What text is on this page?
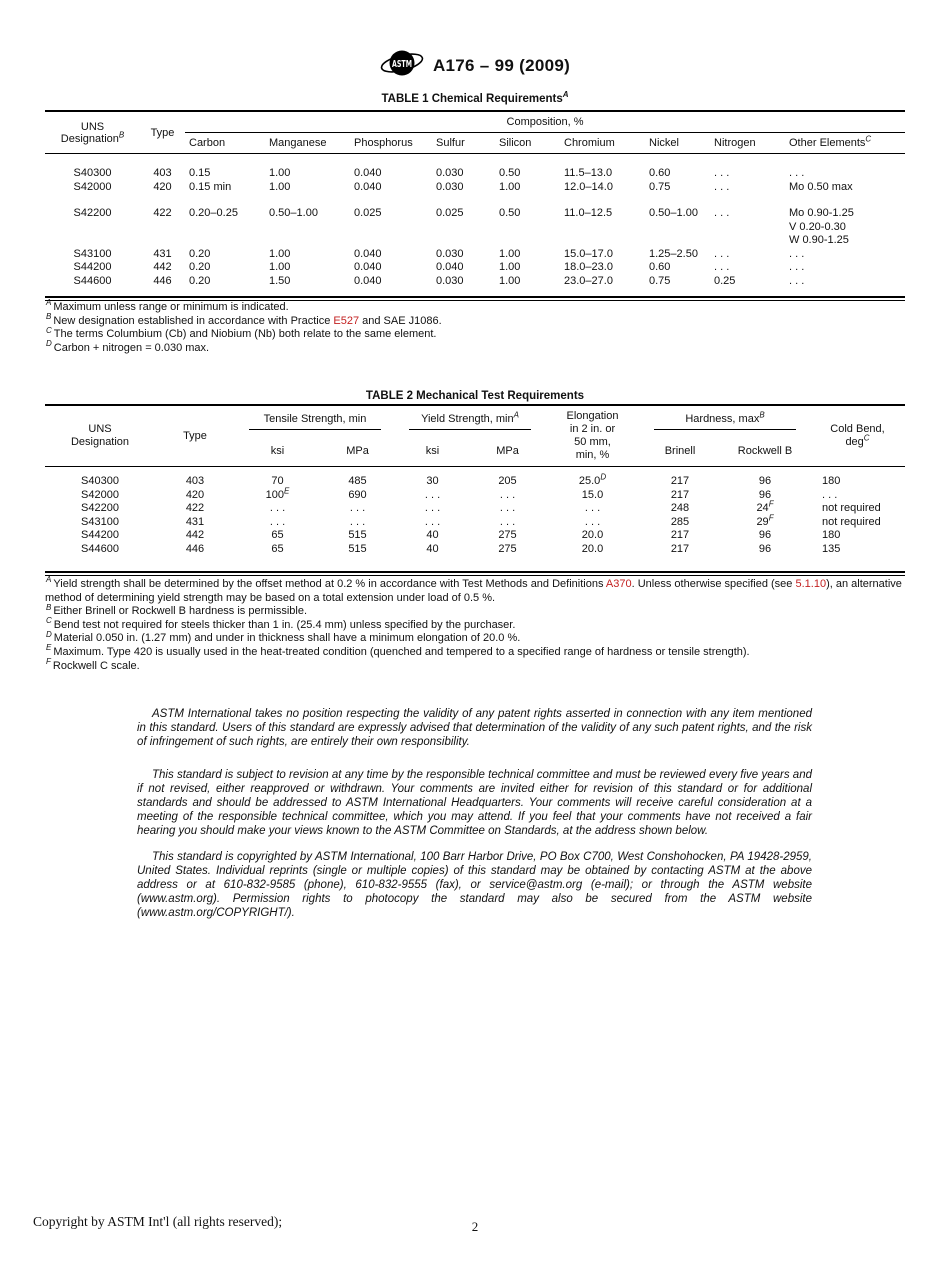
ASTM A176 – 99 (2009)
TABLE 1 Chemical Requirements$^A$
UNS
Designation$^B$	Type	Composition, %								
		Carbon	Manganese	Phosphorus	Sulfur	Silicon	Chromium	Nickel	Nitrogen	Other Elements$^C$

S40300	403	0.15	1.00	0.040	0.030	0.50	11.5–13.0	0.60	. . .	. . .

S42000	420	0.15 min	1.00	0.040	0.030	1.00	12.0–14.0	0.75	. . .	Mo 0.50 max

S42200	422	0.20–0.25	0.50–1.00	0.025	0.025	0.50	11.0–12.5	0.50–1.00	. . .	Mo 0.90-1.25
V 0.20-0.30
W 0.90-1.25

S43100	431	0.20	1.00	0.040	0.030	1.00	15.0–17.0	1.25–2.50	. . .	. . .

S44200	442	0.20	1.00	0.040	0.040	1.00	18.0–23.0	0.60	. . .	. . .

S44600	446	0.20	1.50	0.040	0.030	1.00	23.0–27.0	0.75	0.25	. . .
$^A$ Maximum unless range or minimum is indicated.
$^B$ New designation established in accordance with Practice E527 and SAE J1086.
$^C$ The terms Columbium (Cb) and Niobium (Nb) both relate to the same element.
$^D$ Carbon + nitrogen = 0.030 max.
TABLE 2 Mechanical Test Requirements
UNS
Designation	Type	
Tensile Strength, min	Yield Strength, $\min^A$	Elongation
in 2 in. or
50 mm,
min, %

Hardness, $\max^B$

Cold Bend,
deg$^C$

		ksi	MPa	ksi	MPa		Brinell	Rockwell B	

S40300	403	70	485	30	205	$25.0^D$	217	96	180
S42000	420	$100^E$	690	. . .	. . .	15.0	217	96	. . .
S42200	422	. . .	. . .	. . .	. . .	. . .	248	$24^F$	not required
S43100	431	. . .	. . .	. . .	. . .	. . .	285	$29^F$	not required
S44200	442	65	515	40	275	20.0	217	96	180
S44600	446	65	515	40	275	20.0	217	96	135
$^A$ Yield strength shall be determined by the offset method at 0.2 % in accordance with Test Methods and Definitions A370. Unless otherwise specified (see 5.1.10), an alternative method of determining yield strength may be based on a total extension under load of 0.5 %.
$^B$ Either Brinell or Rockwell B hardness is permissible.
$^C$ Bend test not required for steels thicker than 1 in. (25.4 mm) unless specified by the purchaser.
$^D$ Material 0.050 in. (1.27 mm) and under in thickness shall have a minimum elongation of 20.0 %.
$^E$ Maximum. Type 420 is usually used in the heat-treated condition (quenched and tempered to a specified range of hardness or tensile strength).
$^F$ Rockwell C scale.

ASTM International takes no position respecting the validity of any patent rights asserted in connection with any item mentioned in this standard. Users of this standard are expressly advised that determination of the validity of any such patent rights, and the risk of infringement of such rights, are entirely their own responsibility.

This standard is subject to revision at any time by the responsible technical committee and must be reviewed every five years and if not revised, either reapproved or withdrawn. Your comments are invited either for revision of this standard or for additional standards and should be addressed to ASTM International Headquarters. Your comments will receive careful consideration at a meeting of the responsible technical committee, which you may attend. If you feel that your comments have not received a fair hearing you should make your views known to the ASTM Committee on Standards, at the address shown below.

This standard is copyrighted by ASTM International, 100 Barr Harbor Drive, PO Box C700, West Conshohocken, PA 19428-2959, United States. Individual reprints (single or multiple copies) of this standard may be obtained by contacting ASTM at the above address or at 610-832-9585 (phone), 610-832-9555 (fax), or service@astm.org (e-mail); or through the ASTM website (www.astm.org). Permission rights to photocopy the standard may also be secured from the ASTM website (www.astm.org/COPYRIGHT/).

Copyright by ASTM Int'l (all rights reserved);	2
